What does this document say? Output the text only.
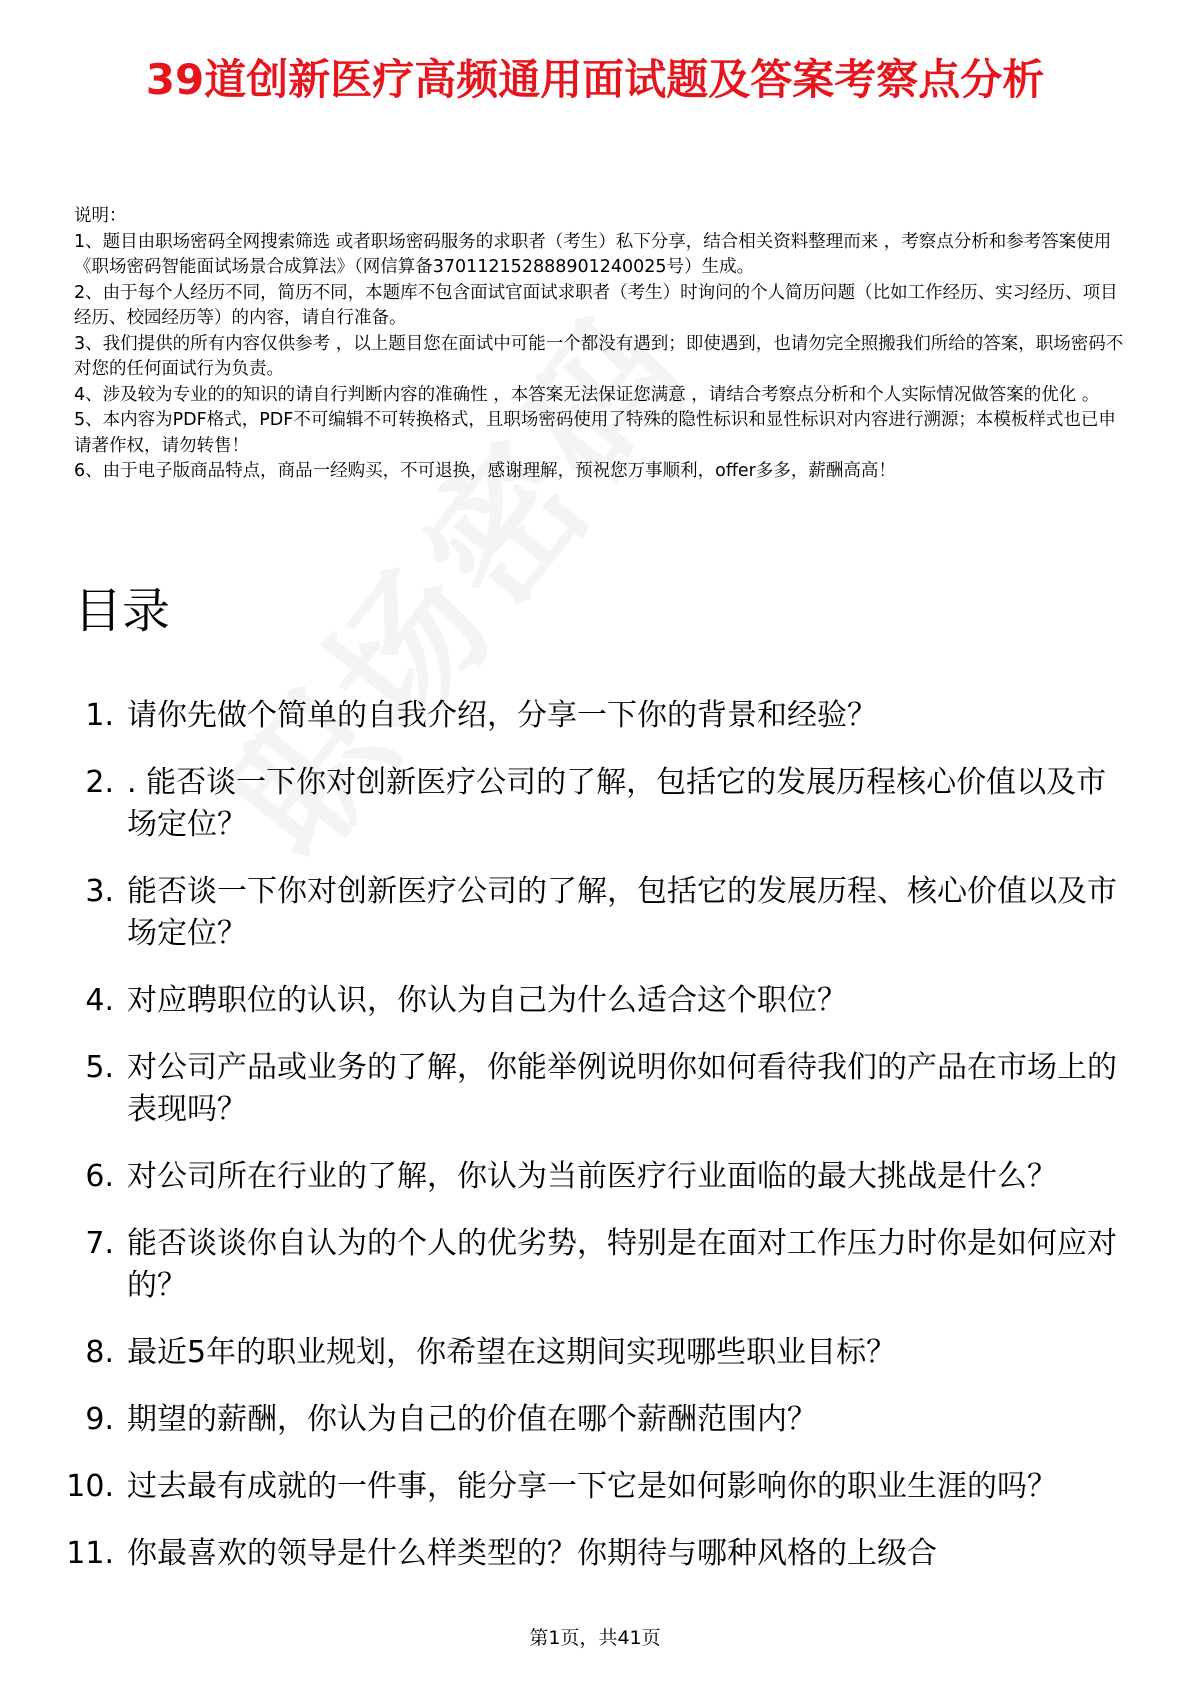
39道创新医疗高频通用面试题及答案考察点分析

说明：

1、题目由职场密码全网搜索筛选 或者职场密码服务的求职者（考生）私下分享，结合相关资料整理而来 ，考察点分析和参考答案使用《职场密码智能面试场景合成算法》（网信算备370112152888901240025号）生成。

2、由于每个人经历不同，简历不同，本题库不包含面试官面试求职者（考生）时询问的个人简历问题（比如工作经历、实习经历、项目经历、校园经历等）的内容，请自行准备。

3、我们提供的所有内容仅供参考 ，以上题目您在面试中可能一个都没有遇到；即使遇到，也请勿完全照搬我们所给的答案，职场密码不对您的任何面试行为负责。

4、涉及较为专业的的知识的请自行判断内容的准确性 ，本答案无法保证您满意 ，请结合考察点分析和个人实际情况做答案的优化 。

5、本内容为PDF格式，PDF不可编辑不可转换格式，且职场密码使用了特殊的隐性标识和显性标识对内容进行溯源；本模板样式也已申请著作权，请勿转售！

6、由于电子版商品特点，商品一经购买，不可退换，感谢理解，预祝您万事顺利，offer多多，薪酬高高！

目录
1. 请你先做个简单的自我介绍，分享一下你的背景和经验？
2. . 能否谈一下你对创新医疗公司的了解，包括它的发展历程核心价值以及市场定位？
3. 能否谈一下你对创新医疗公司的了解，包括它的发展历程、核心价值以及市场定位？
4. 对应聘职位的认识，你认为自己为什么适合这个职位？
5. 对公司产品或业务的了解，你能举例说明你如何看待我们的产品在市场上的表现吗？
6. 对公司所在行业的了解，你认为当前医疗行业面临的最大挑战是什么？
7. 能否谈谈你自认为的个人的优劣势，特别是在面对工作压力时你是如何应对的？
8. 最近5年的职业规划，你希望在这期间实现哪些职业目标？
9. 期望的薪酬，你认为自己的价值在哪个薪酬范围内？
10. 过去最有成就的一件事，能分享一下它是如何影响你的职业生涯的吗？
11. 你最喜欢的领导是什么样类型的？你期待与哪种风格的上级合
第1页，共41页
